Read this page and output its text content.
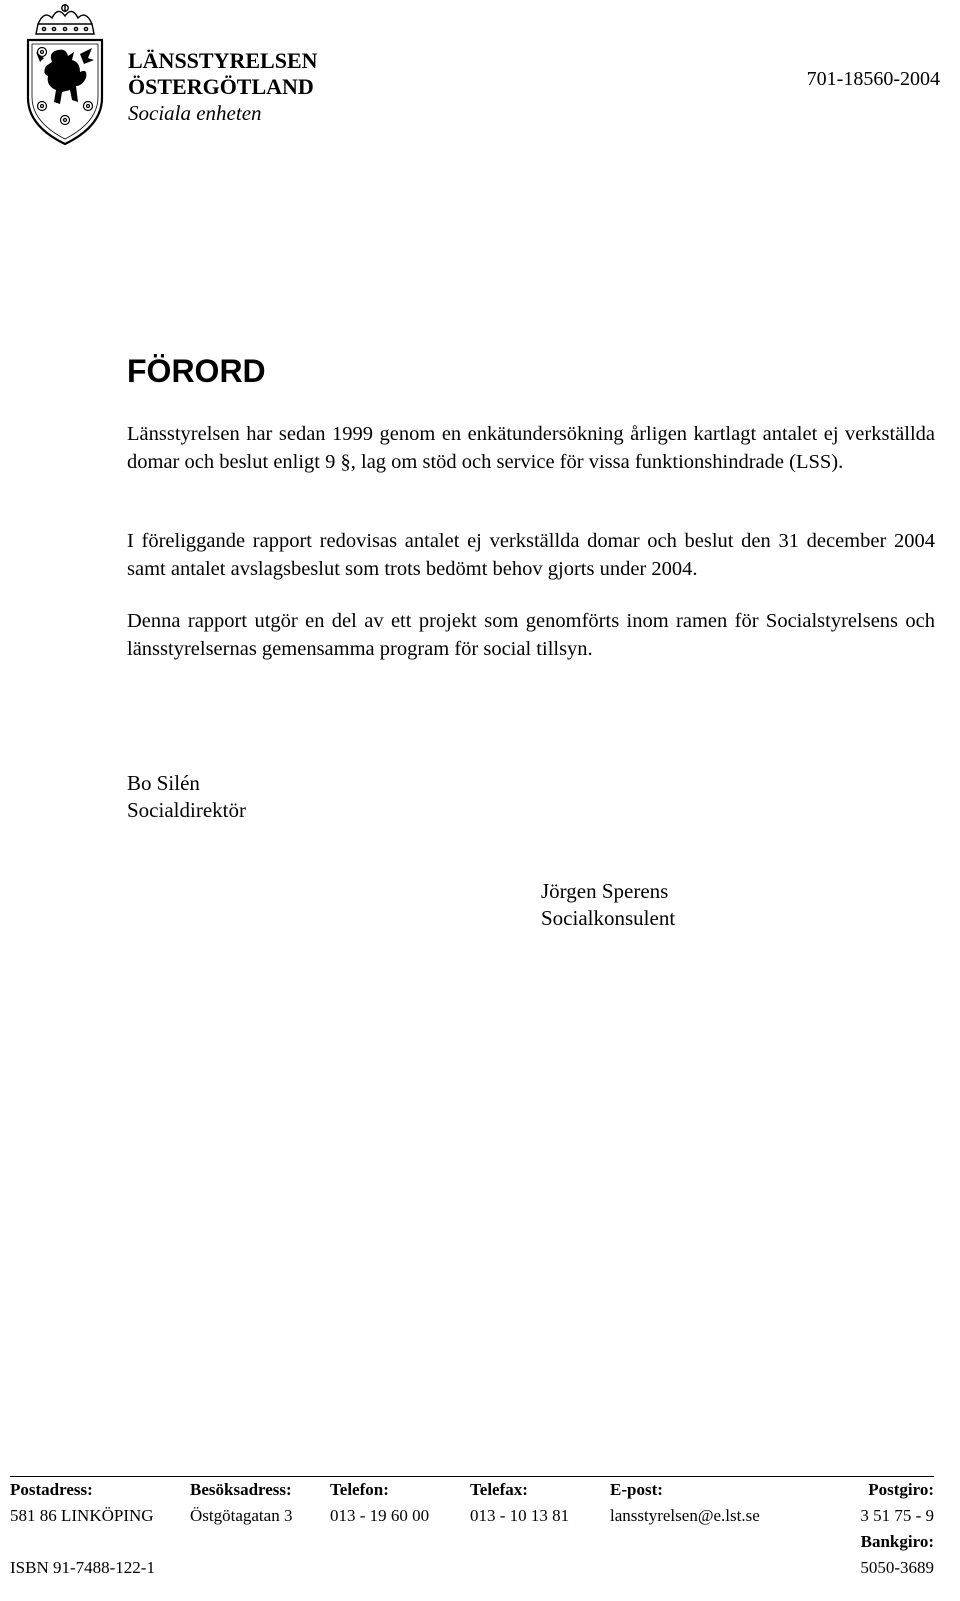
LÄNSSTYRELSEN
ÖSTERGÖTLAND
Sociala enheten
701-18560-2004
FÖRORD

Länsstyrelsen har sedan 1999 genom en enkätundersökning årligen kartlagt antalet ej verkställda domar och beslut enligt 9 §, lag om stöd och service för vissa funktionshindrade (LSS).

I föreliggande rapport redovisas antalet ej verkställda domar och beslut den 31 december 2004 samt antalet avslagsbeslut som trots bedömt behov gjorts under 2004.

Denna rapport utgör en del av ett projekt som genomförts inom ramen för Socialstyrelsens och länsstyrelsernas gemensamma program för social tillsyn.

Bo Silén
Socialdirektör
Jörgen Sperens
Socialkonsulent
Postadress:	Besöksadress:	Telefon:	Telefax:	E-post:	Postgiro:
581 86 LINKÖPING	Östgötagatan 3	013 - 19 60 00	013 - 10 13 81	lansstyrelsen@e.lst.se	3 51 75 - 9
					Bankgiro:
ISBN 91-7488-122-1					5050-3689
